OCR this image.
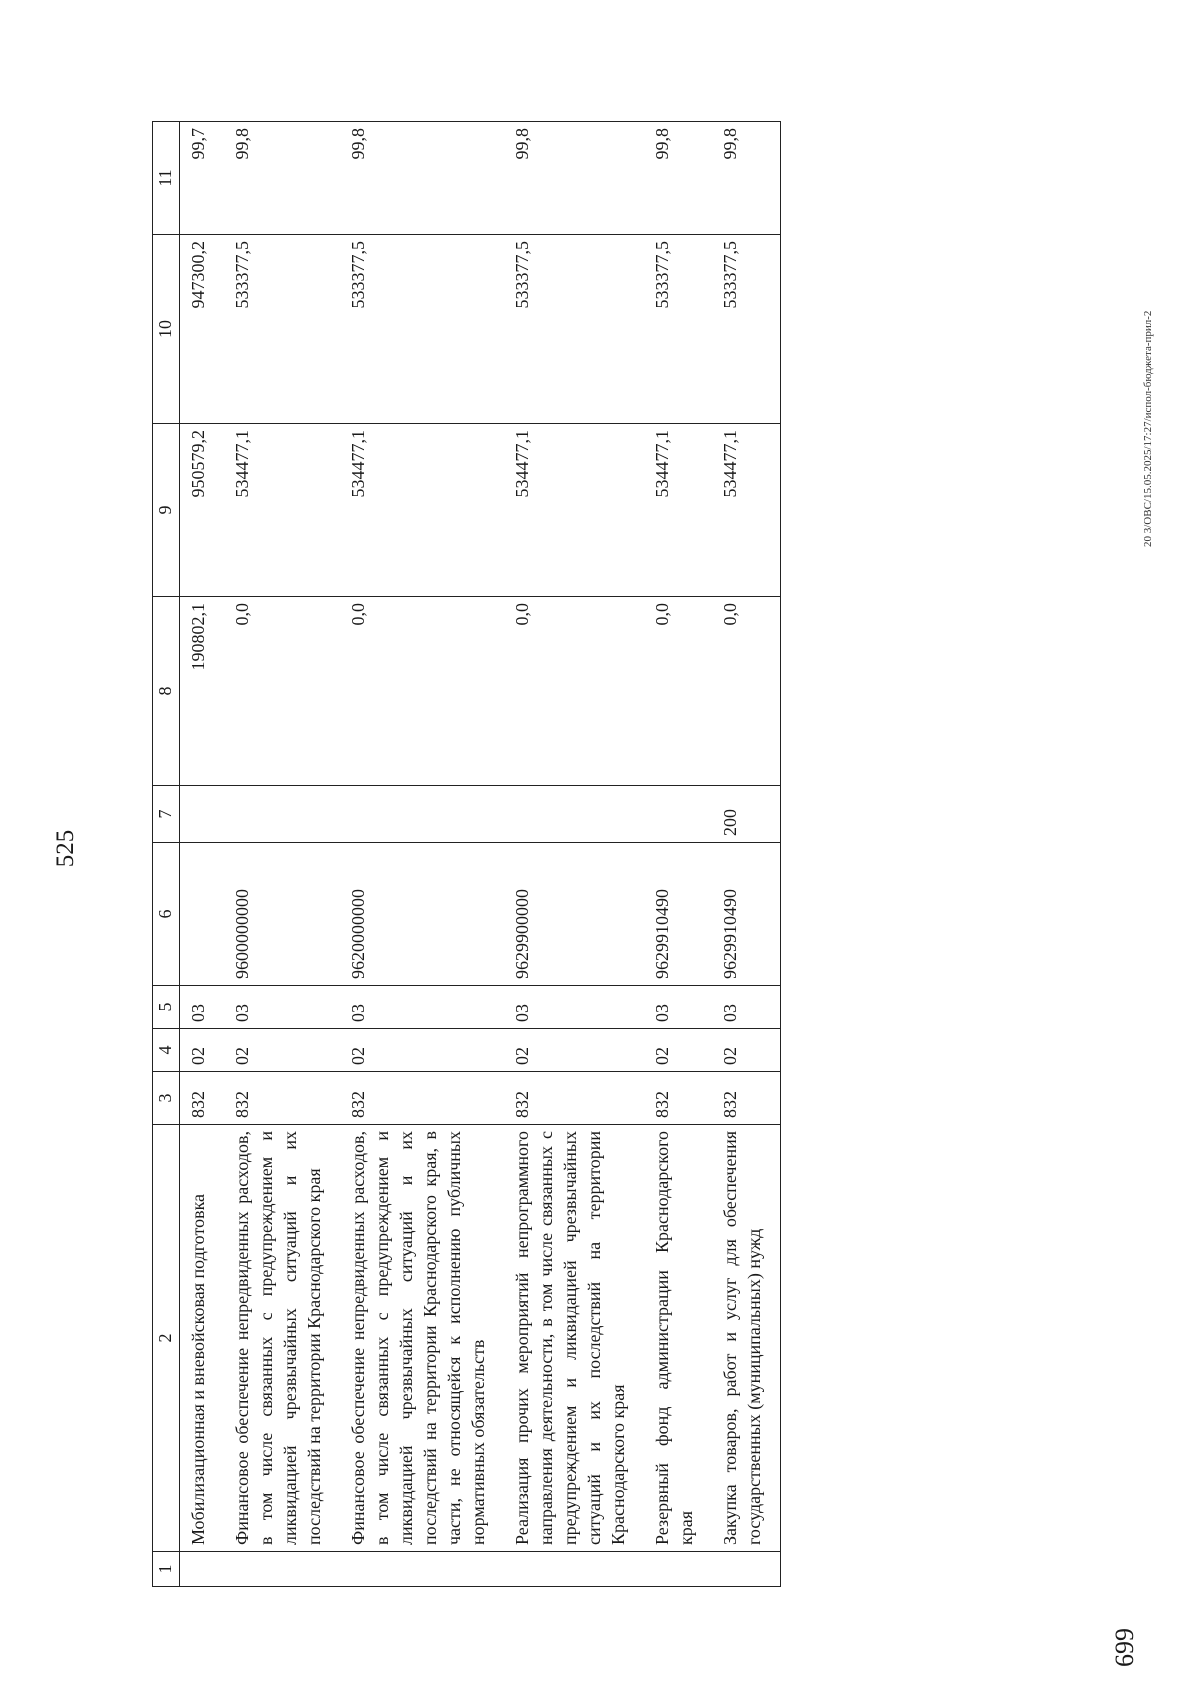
525
1	2	3	4	5	6	7	8	9	10	11
	Мобилизационная и вневойсковая подготовка	832	02	03			190802,1	950579,2	947300,2	99,7
	Финансовое обеспечение непредвиденных расходов, в том числе связанных с предупреждением и ликвидацией чрезвычайных ситуаций и их последствий на территории Краснодарского края	832	02	03	9600000000		0,0	534477,1	533377,5	99,8
	Финансовое обеспечение непредвиденных расходов, в том числе связанных с предупреждением и ликвидацией чрезвычайных ситуаций и их последствий на территории Краснодарского края, в части, не относящейся к исполнению публичных нормативных обязательств	832	02	03	9620000000		0,0	534477,1	533377,5	99,8
	Реализация прочих мероприятий непрограммного направления деятельности, в том числе связанных с предупреждением и ликвидацией чрезвычайных ситуаций и их последствий на территории Краснодарского края	832	02	03	9629900000		0,0	534477,1	533377,5	99,8
	Резервный фонд администрации Краснодарского края	832	02	03	9629910490		0,0	534477,1	533377,5	99,8
	Закупка товаров, работ и услуг для обеспечения государственных (муниципальных) нужд	832	02	03	9629910490	200	0,0	534477,1	533377,5	99,8
699
20 3/ОВС/15.05.2025/17:27/испол-бюджета-прил-2
